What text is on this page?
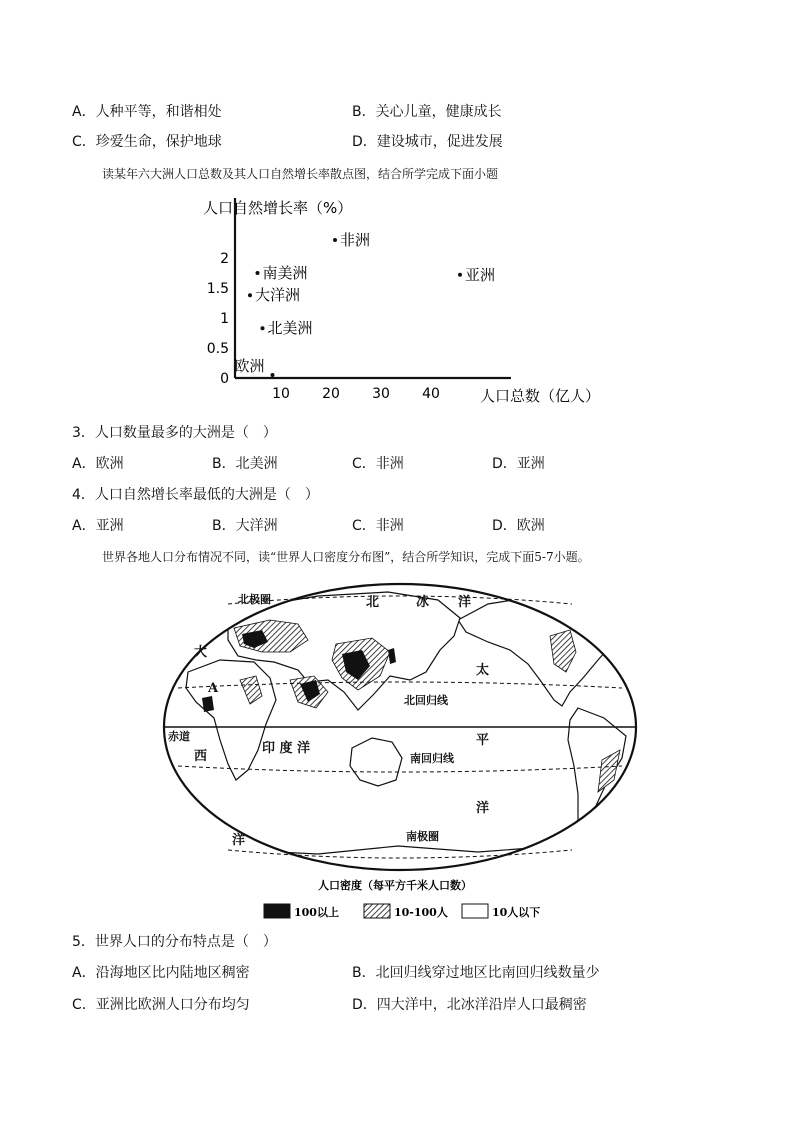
A．人种平等，和谐相处	B．关心儿童，健康成长
C．珍爱生命，保护地球	D．建设城市，促进发展
读某年六大洲人口总数及其人口自然增长率散点图，结合所学完成下面小题
人口自然增长率（%）
0
0.5
1
1.5
2
10 20 30 40	人口总数（亿人）
非洲
南美洲	亚洲
大洋洲
北美洲
欧洲
3．人口数量最多的大洲是（　）
A．欧洲	B．北美洲	C．非洲	D．亚洲
4．人口自然增长率最低的大洲是（　）
A．亚洲	B．大洋洲	C．非洲	D．欧洲
世界各地人口分布情况不同，读“世界人口密度分布图”，结合所学知识，完成下面5-7小题。
北极圈	北	冰 洋
太
平
洋
大
西
洋
A
北回归线
赤道
印 度 洋
南回归线
南极圈
人口密度（每平方千米人口数）
100以上	10-100人	10人以下
5．世界人口的分布特点是（　）
A．沿海地区比内陆地区稠密	B．北回归线穿过地区比南回归线数量少
C．亚洲比欧洲人口分布均匀	D．四大洋中，北冰洋沿岸人口最稠密
